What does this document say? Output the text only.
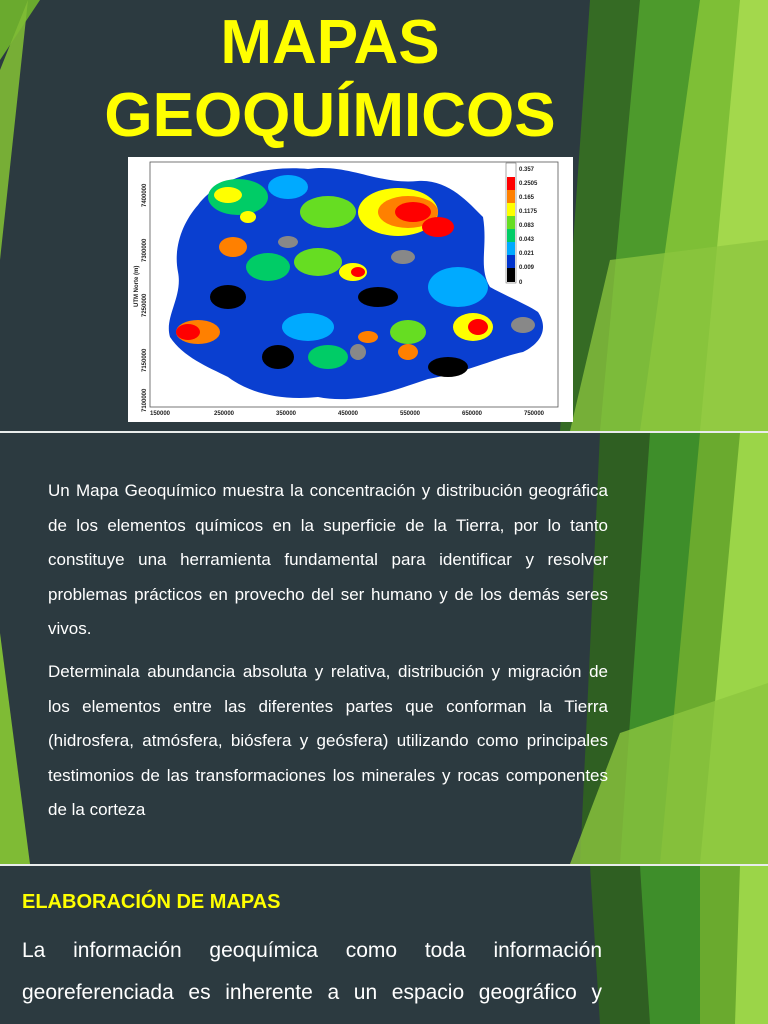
MAPAS
GEOQUÍMICOS
0.357
0.2505
0.165
0.1175
0.083
0.043
0.021
0.009
0
150000	250000	350000	450000	550000	650000	750000
7400000
7300000
7250000
7150000
7100000
UTM Norte (m)

Un Mapa Geoquímico muestra la concentración y distribución geográfica de los elementos químicos en la superficie de la Tierra, por lo tanto constituye una herramienta fundamental para identificar y resolver problemas prácticos en provecho del ser humano y de los demás seres vivos.

Determinala abundancia absoluta y relativa, distribución y migración de los elementos entre las diferentes partes que conforman la Tierra (hidrosfera, atmósfera, biósfera y geósfera) utilizando como principales testimonios de las transformaciones los minerales y rocas componentes de la corteza

ELABORACIÓN DE MAPAS

La información geoquímica como toda información georeferenciada es inherente a un espacio geográfico y
